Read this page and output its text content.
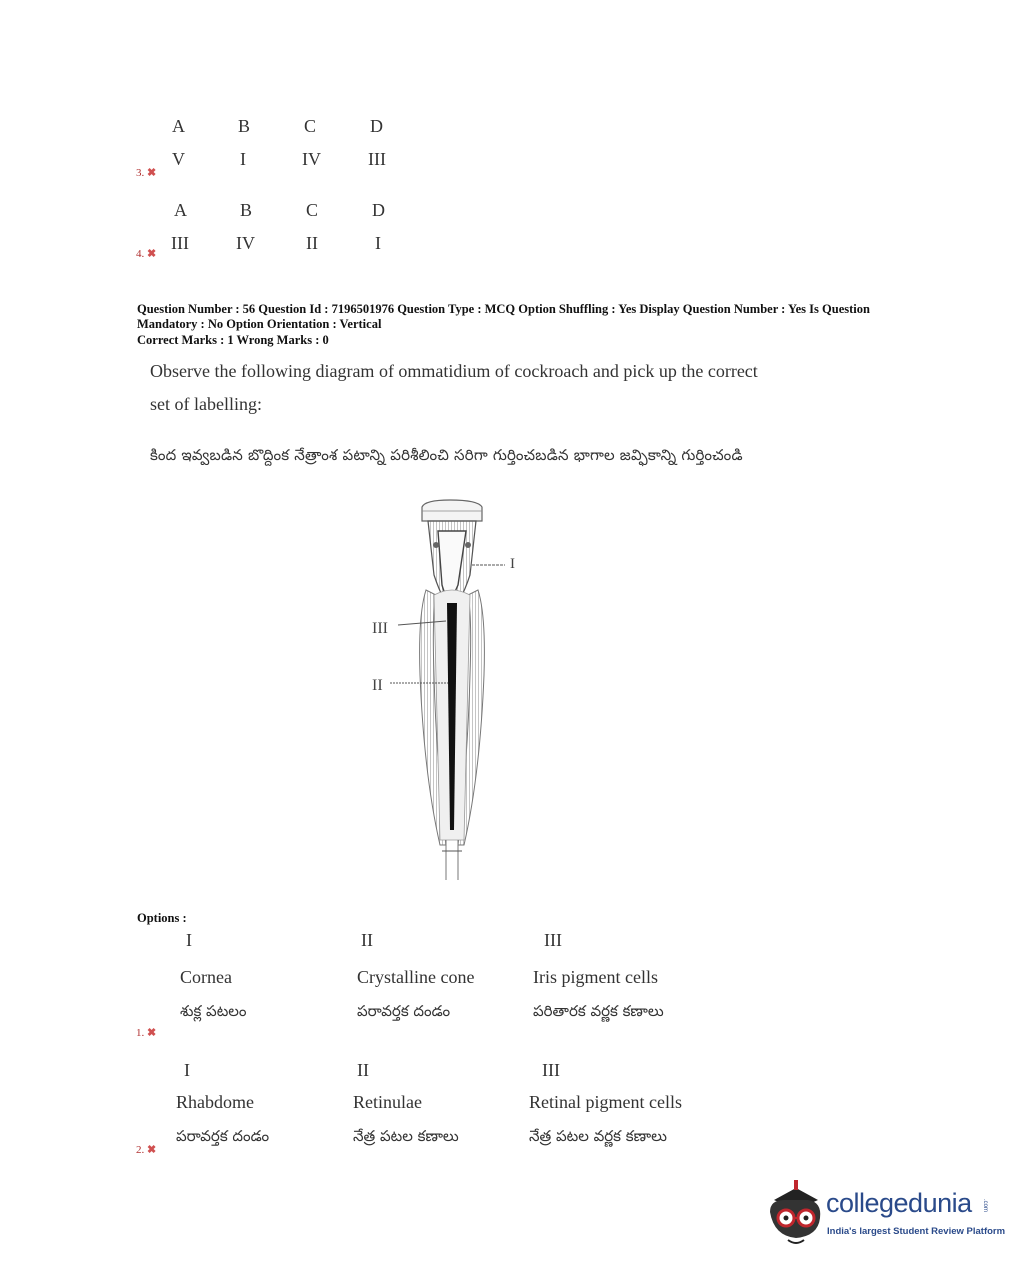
A	B	C	D
V	I	IV	III
3. ✖
A	B	C	D
III	IV	II	I
4. ✖
Question Number : 56 Question Id : 7196501976 Question Type : MCQ Option Shuffling : Yes Display Question Number : Yes Is Question
Mandatory : No Option Orientation : Vertical
Correct Marks : 1 Wrong Marks : 0
Observe the following diagram of ommatidium of cockroach and pick up the correct
set of labelling:
కింద ఇవ్వబడిన బొద్దింక నేత్రాంశ పటాన్ని పరిశీలించి సరిగా గుర్తించబడిన భాగాల జవ్ఫికాన్ని గుర్తించండి
I
III
II
Options :
I	II	III
Cornea	Crystalline cone	Iris pigment cells
శుక్ల పటలం	పరావర్తక దండం	పరితారక వర్ణక కణాలు
1. ✖
I	II	III
Rhabdome	Retinulae	Retinal pigment cells
పరావర్తక దండం	నేత్ర పటల కణాలు	నేత్ర పటల వర్ణక కణాలు
2. ✖
collegedunia .com
India's largest Student Review Platform
